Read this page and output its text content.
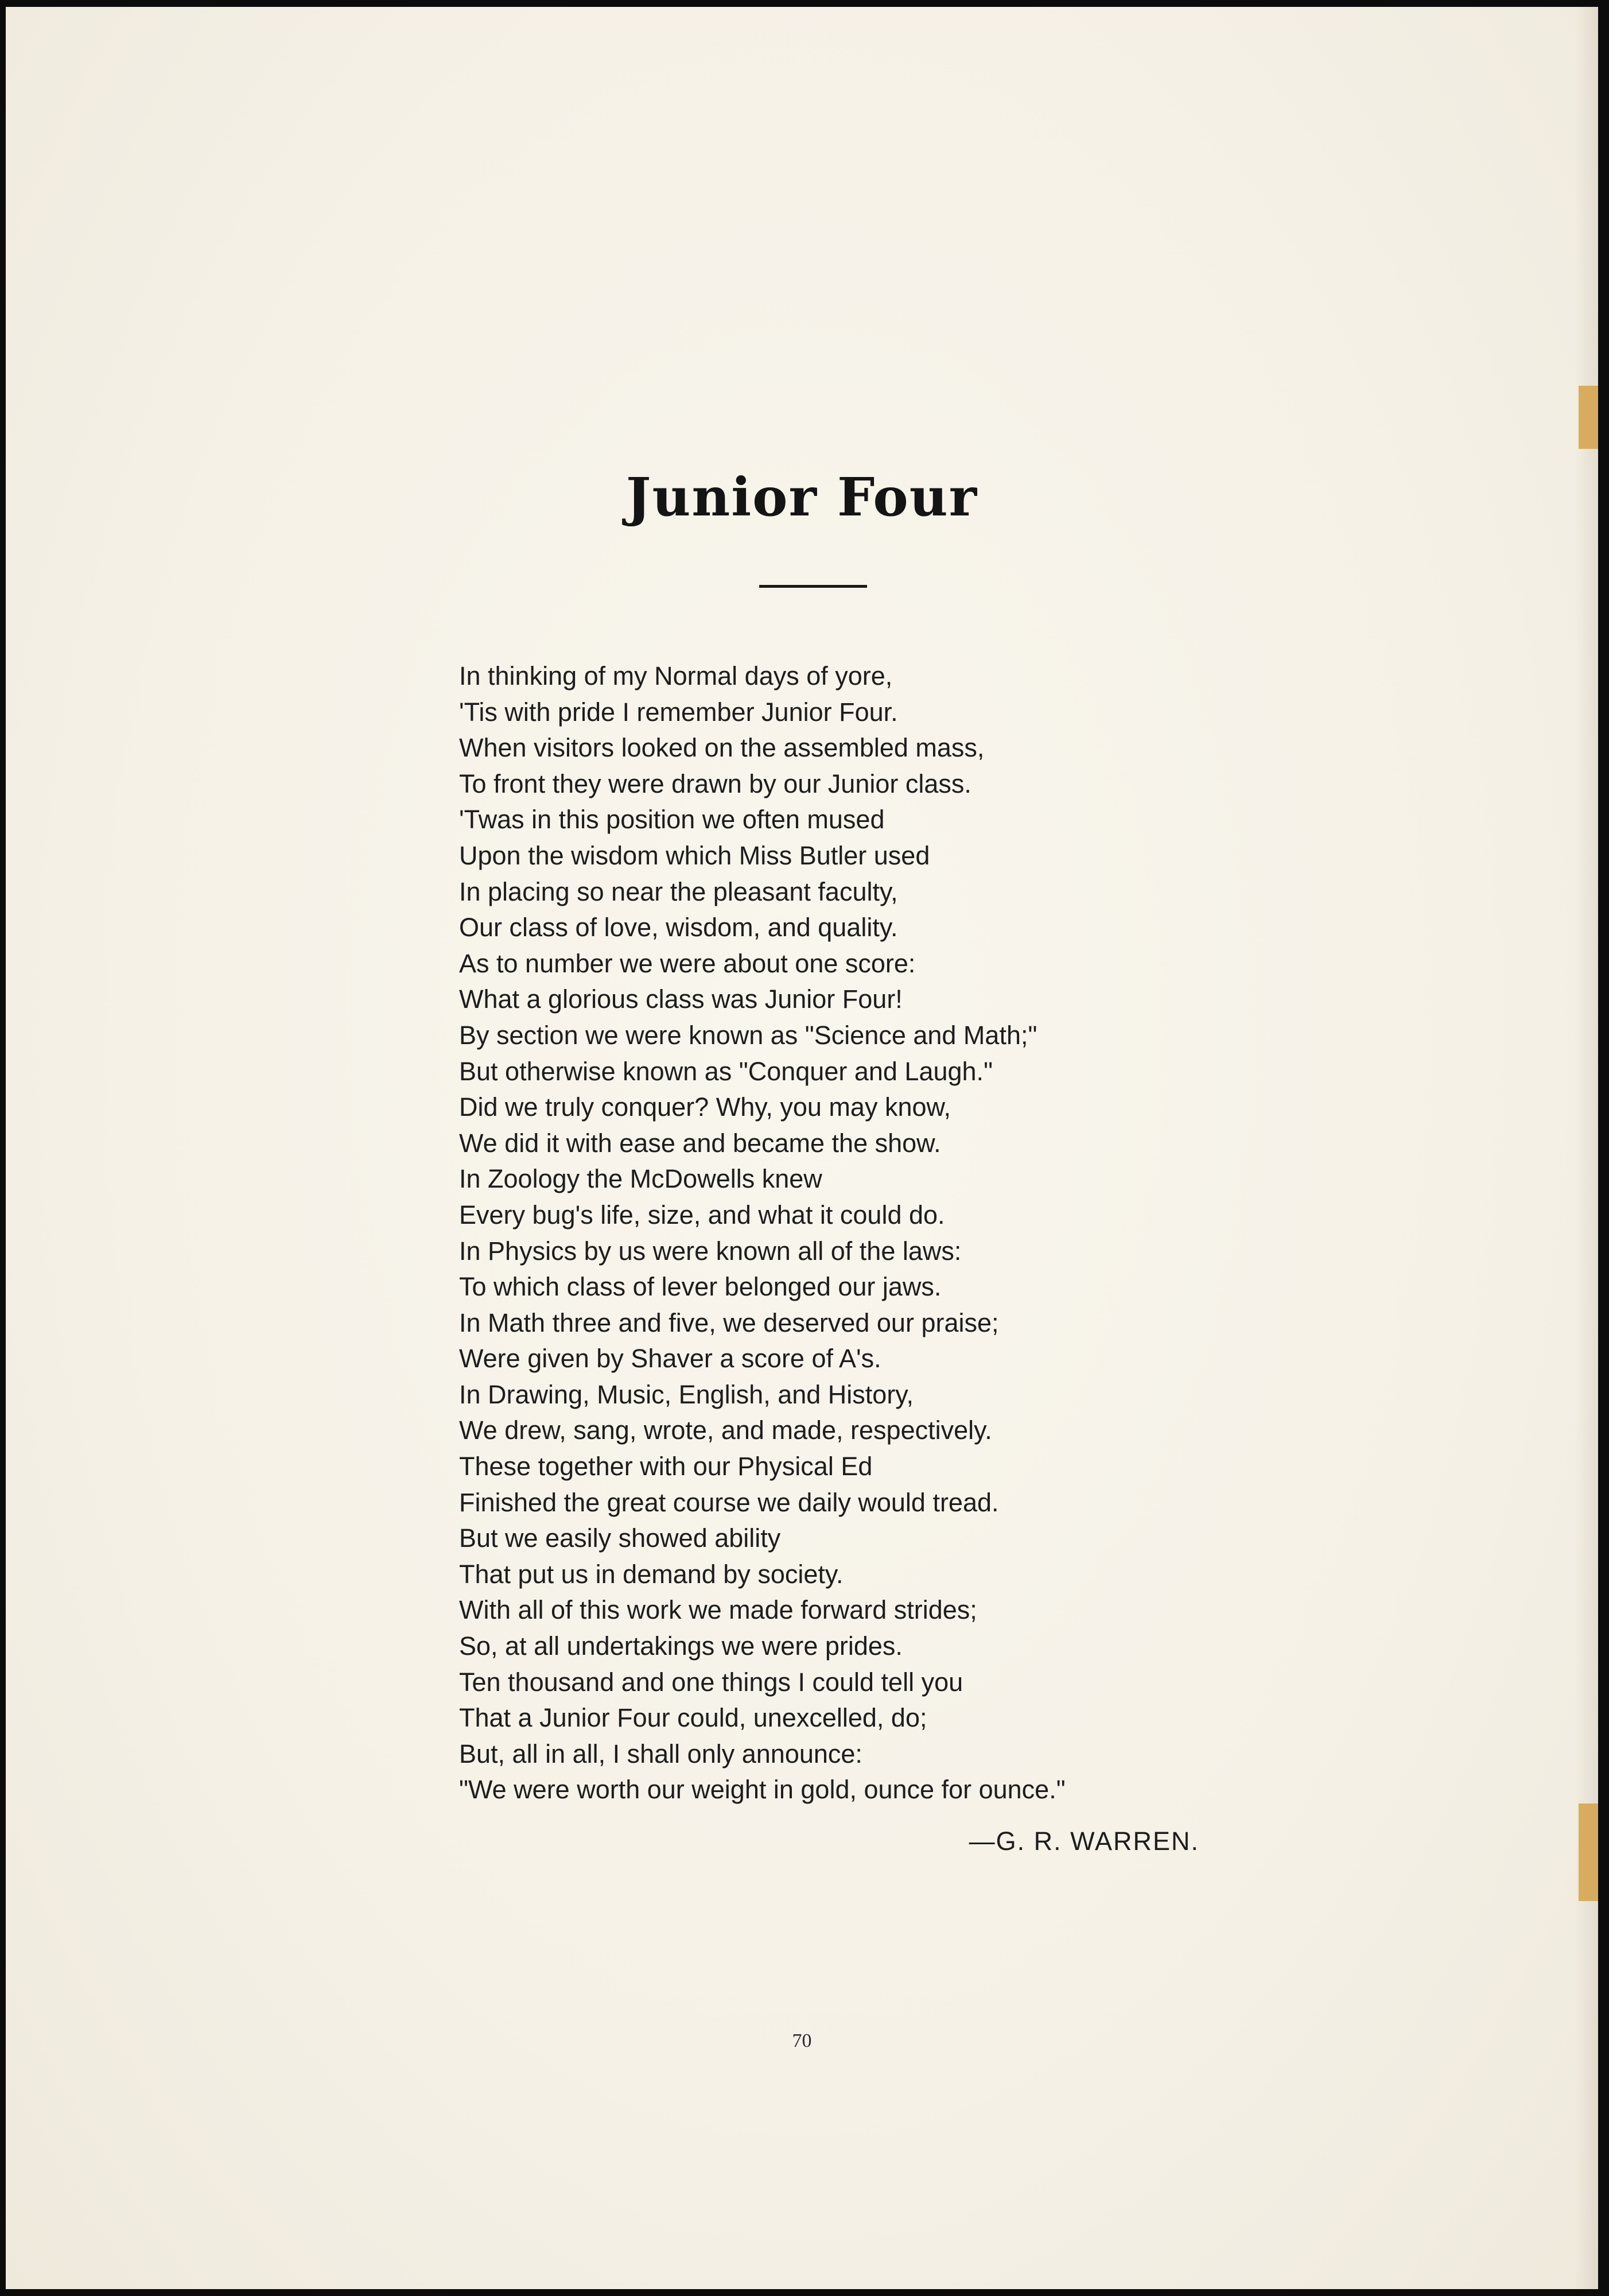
Junior Four
In thinking of my Normal days of yore,
'Tis with pride I remember Junior Four.
When visitors looked on the assembled mass,
To front they were drawn by our Junior class.
'Twas in this position we often mused
Upon the wisdom which Miss Butler used
In placing so near the pleasant faculty,
Our class of love, wisdom, and quality.
As to number we were about one score:
What a glorious class was Junior Four!
By section we were known as "Science and Math;"
But otherwise known as "Conquer and Laugh."
Did we truly conquer? Why, you may know,
We did it with ease and became the show.
In Zoology the McDowells knew
Every bug's life, size, and what it could do.
In Physics by us were known all of the laws:
To which class of lever belonged our jaws.
In Math three and five, we deserved our praise;
Were given by Shaver a score of A's.
In Drawing, Music, English, and History,
We drew, sang, wrote, and made, respectively.
These together with our Physical Ed
Finished the great course we daily would tread.
But we easily showed ability
That put us in demand by society.
With all of this work we made forward strides;
So, at all undertakings we were prides.
Ten thousand and one things I could tell you
That a Junior Four could, unexcelled, do;
But, all in all, I shall only announce:
"We were worth our weight in gold, ounce for ounce."
—G. R. WARREN.
70
